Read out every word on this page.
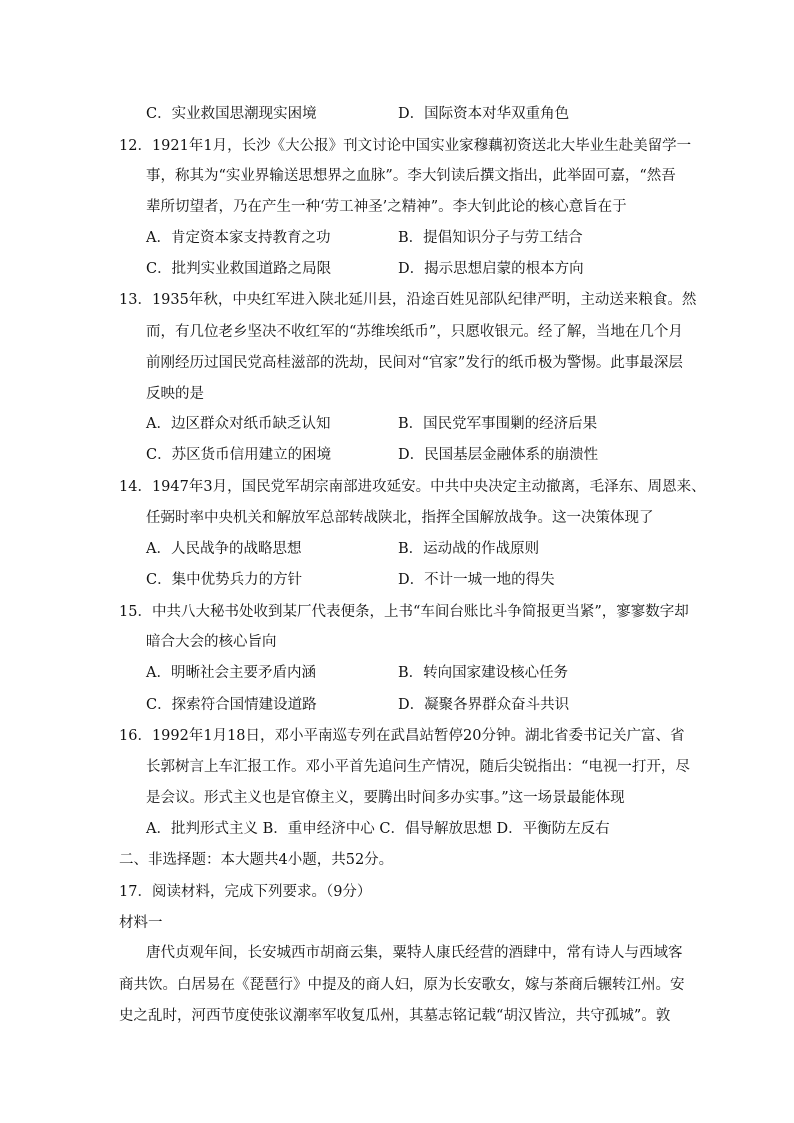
C．实业救国思潮现实困境	D．国际资本对华双重角色
12．1921年1月，长沙《大公报》刊文讨论中国实业家穆藕初资送北大毕业生赴美留学一
事，称其为“实业界输送思想界之血脉”。李大钊读后撰文指出，此举固可嘉，“然吾
辈所切望者，乃在产生一种‘劳工神圣’之精神”。李大钊此论的核心意旨在于
A．肯定资本家支持教育之功	B．提倡知识分子与劳工结合
C．批判实业救国道路之局限	D．揭示思想启蒙的根本方向
13．1935年秋，中央红军进入陕北延川县，沿途百姓见部队纪律严明，主动送来粮食。然
而，有几位老乡坚决不收红军的“苏维埃纸币”，只愿收银元。经了解，当地在几个月
前刚经历过国民党高桂滋部的洗劫，民间对“官家”发行的纸币极为警惕。此事最深层
反映的是
A．边区群众对纸币缺乏认知	B．国民党军事围剿的经济后果
C．苏区货币信用建立的困境	D．民国基层金融体系的崩溃性
14．1947年3月，国民党军胡宗南部进攻延安。中共中央决定主动撤离，毛泽东、周恩来、
任弼时率中央机关和解放军总部转战陕北，指挥全国解放战争。这一决策体现了
A．人民战争的战略思想	B．运动战的作战原则
C．集中优势兵力的方针	D．不计一城一地的得失
15．中共八大秘书处收到某厂代表便条，上书“车间台账比斗争简报更当紧”，寥寥数字却
暗合大会的核心旨向
A．明晰社会主要矛盾内涵	B．转向国家建设核心任务
C．探索符合国情建设道路	D．凝聚各界群众奋斗共识
16．1992年1月18日，邓小平南巡专列在武昌站暂停20分钟。湖北省委书记关广富、省
长郭树言上车汇报工作。邓小平首先追问生产情况，随后尖锐指出：“电视一打开，尽
是会议。形式主义也是官僚主义，要腾出时间多办实事。”这一场景最能体现
A．批判形式主义 B．重申经济中心 C．倡导解放思想 D．平衡防左反右
二、非选择题：本大题共4小题，共52分。
17．阅读材料，完成下列要求。（9分）
材料一
唐代贞观年间，长安城西市胡商云集，粟特人康氏经营的酒肆中，常有诗人与西域客
商共饮。白居易在《琵琶行》中提及的商人妇，原为长安歌女，嫁与茶商后辗转江州。安
史之乱时，河西节度使张议潮率军收复瓜州，其墓志铭记载“胡汉皆泣，共守孤城”。敦
